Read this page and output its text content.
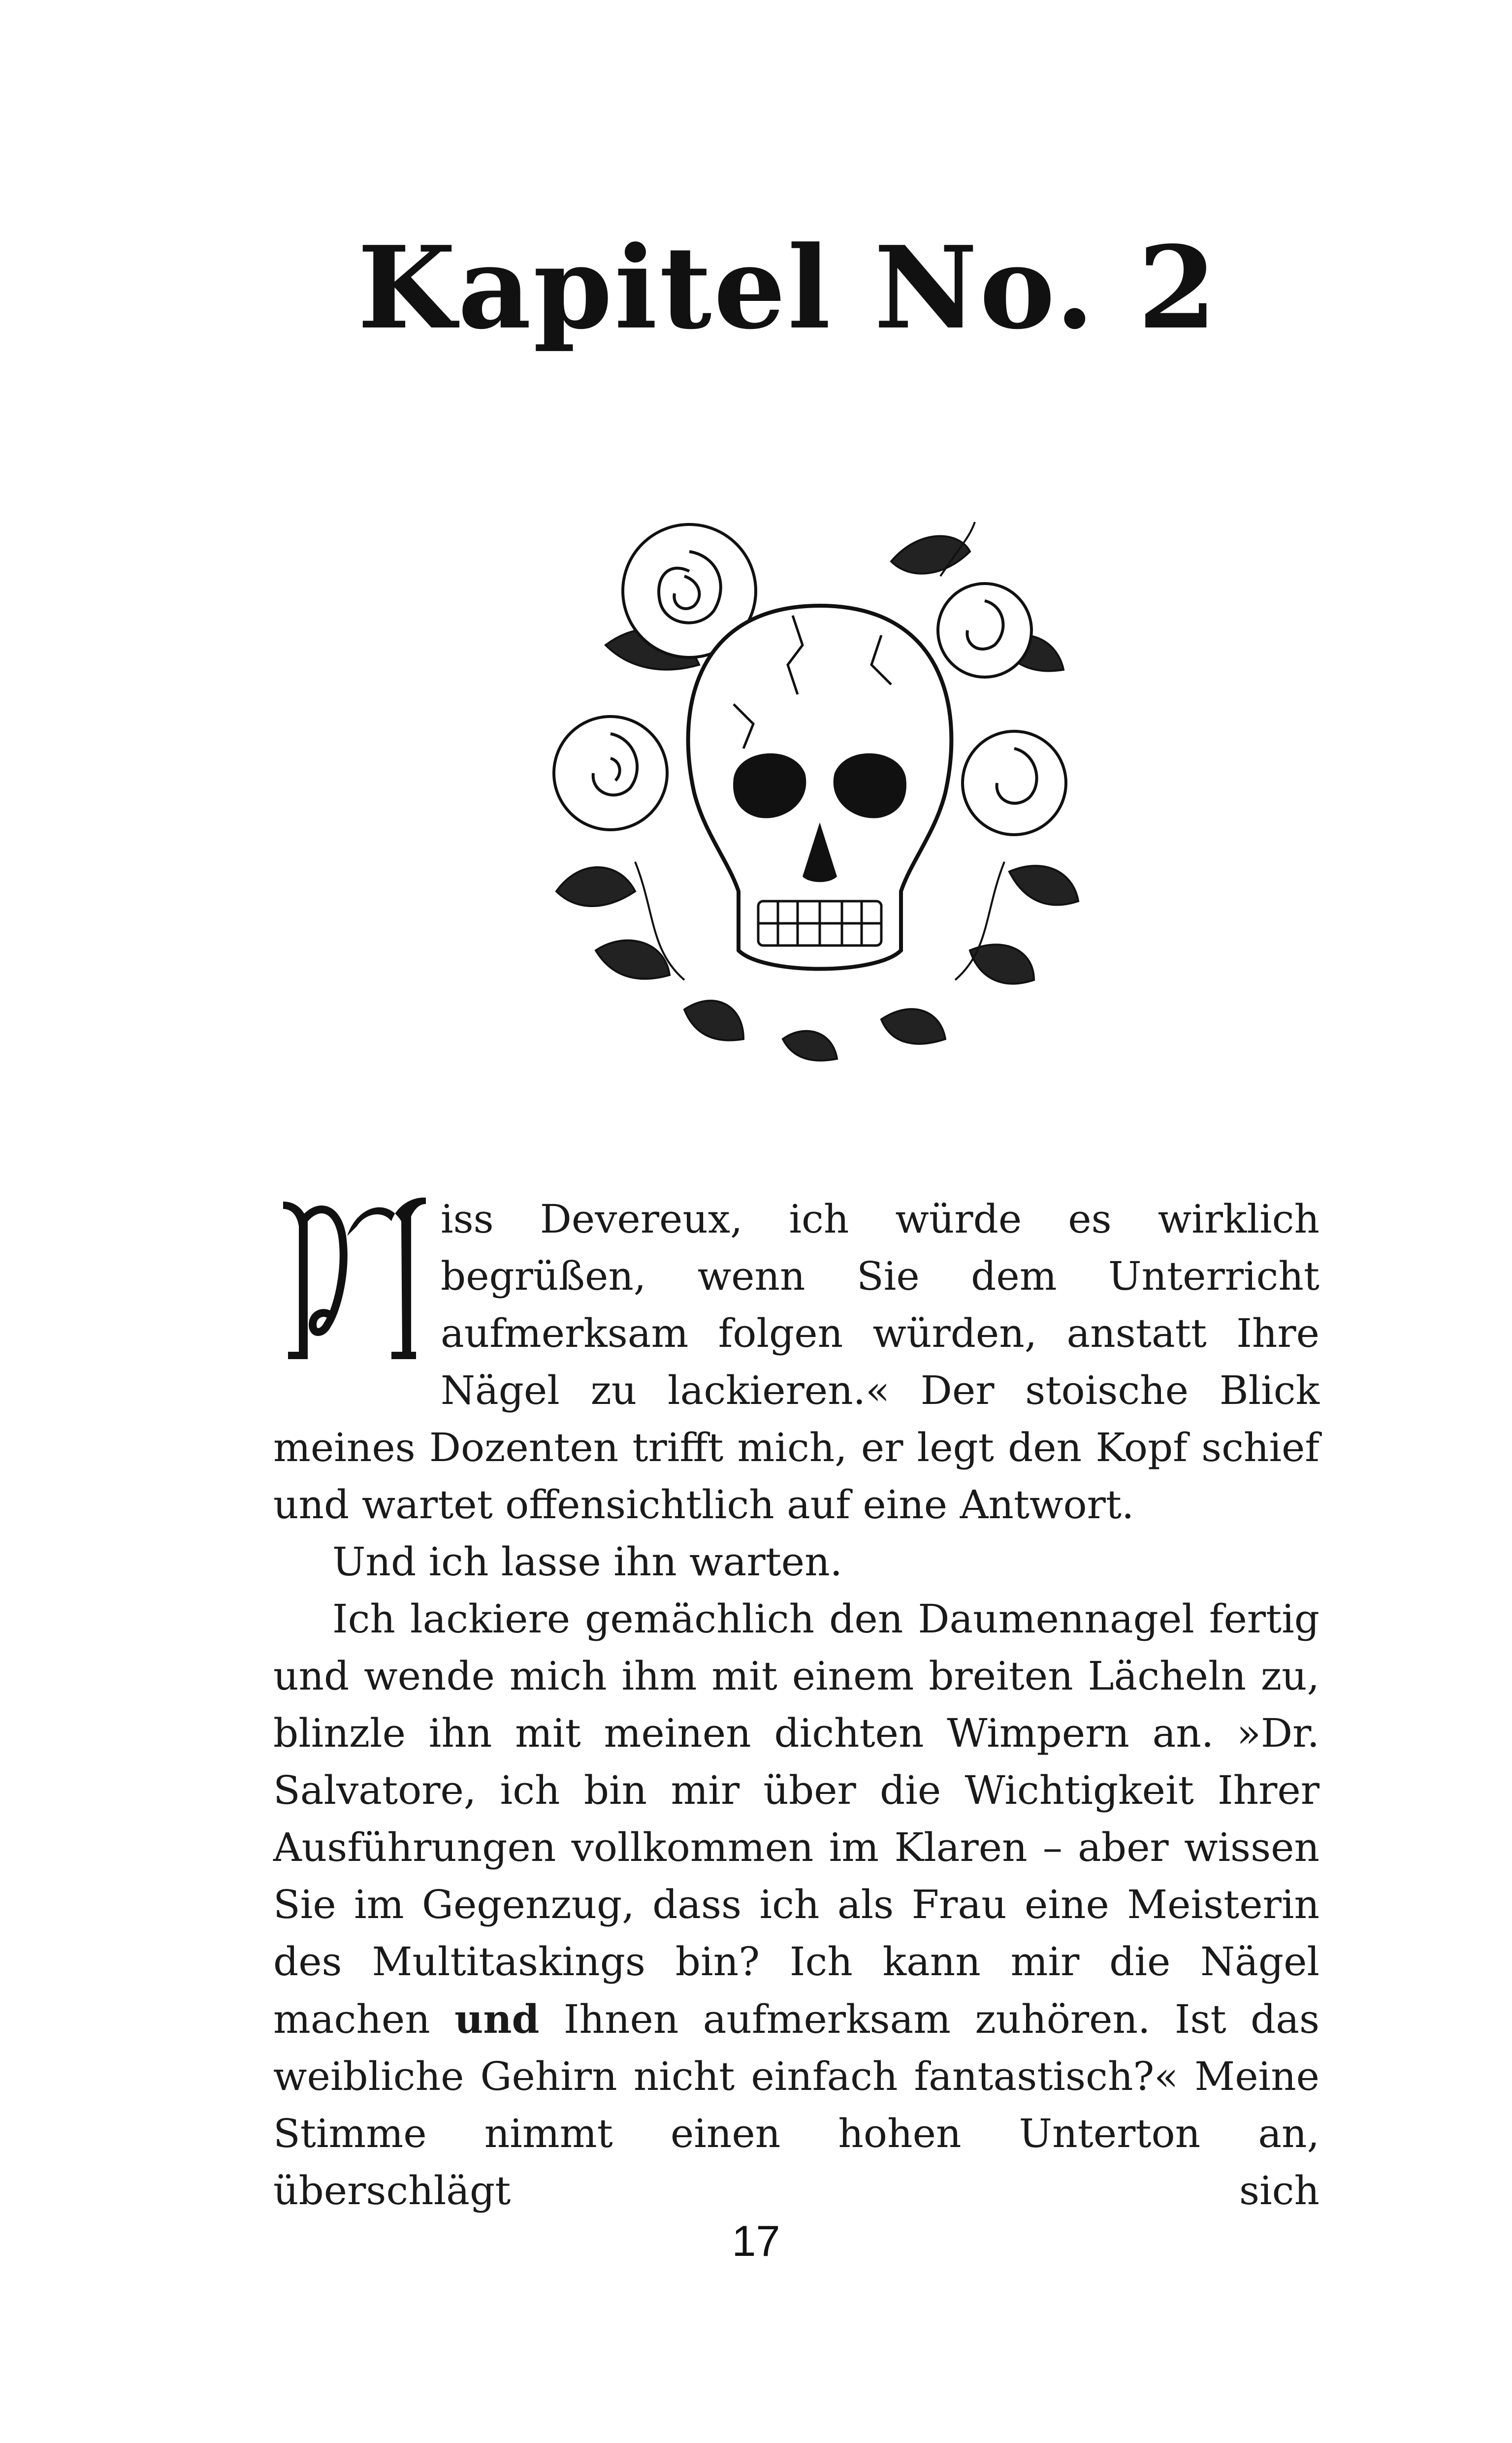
Kapitel No. 2

iss Devereux, ich würde es wirklich begrüßen, wenn Sie dem Unterricht aufmerksam folgen würden, anstatt Ihre Nägel zu lackieren.« Der stoische Blick meines Dozenten trifft mich, er legt den Kopf schief und wartet offensichtlich auf eine Antwort.

Und ich lasse ihn warten.

Ich lackiere gemächlich den Daumennagel fertig und wende mich ihm mit einem breiten Lächeln zu, blinzle ihn mit meinen dichten Wimpern an. »Dr. Salvatore, ich bin mir über die Wichtigkeit Ihrer Ausführungen vollkommen im Klaren – aber wissen Sie im Gegenzug, dass ich als Frau eine Meisterin des Multitaskings bin? Ich kann mir die Nägel machen und Ihnen aufmerksam zuhören. Ist das weibliche Gehirn nicht einfach fantastisch?« Meine Stimme nimmt einen hohen Unterton an, überschlägt sich

17
